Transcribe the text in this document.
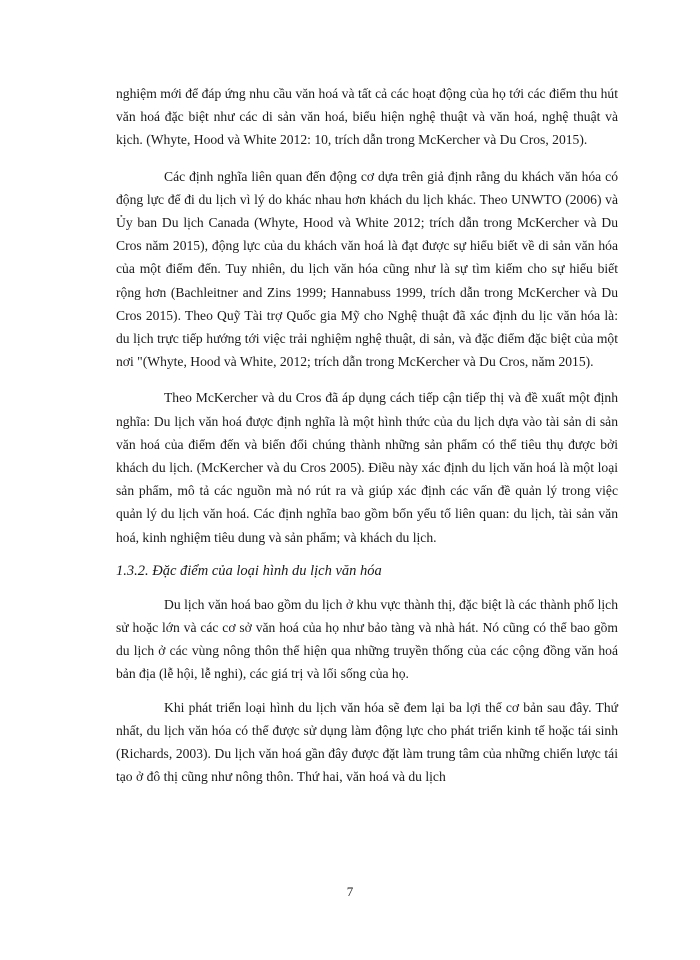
nghiệm mới để đáp ứng nhu cầu văn hoá và tất cả các hoạt động của họ tới các điểm thu hút văn hoá đặc biệt như các di sản văn hoá, biểu hiện nghệ thuật và văn hoá, nghệ thuật và kịch. (Whyte, Hood và White 2012: 10, trích dẫn trong McKercher và Du Cros, 2015).

Các định nghĩa liên quan đến động cơ dựa trên giả định rằng du khách văn hóa có động lực để đi du lịch vì lý do khác nhau hơn khách du lịch khác. Theo UNWTO (2006) và Ủy ban Du lịch Canada (Whyte, Hood và White 2012; trích dẫn trong McKercher và Du Cros năm 2015), động lực của du khách văn hoá là đạt được sự hiểu biết về di sản văn hóa của một điểm đến. Tuy nhiên, du lịch văn hóa cũng như là sự tìm kiếm cho sự hiểu biết rộng hơn (Bachleitner and Zins 1999; Hannabuss 1999, trích dẫn trong McKercher và Du Cros 2015). Theo Quỹ Tài trợ Quốc gia Mỹ cho Nghệ thuật đã xác định du lịc văn hóa là: du lịch trực tiếp hướng tới việc trải nghiệm nghệ thuật, di sản, và đặc điểm đặc biệt của một nơi "(Whyte, Hood và White, 2012; trích dẫn trong McKercher và Du Cros, năm 2015).

Theo McKercher và du Cros đã áp dụng cách tiếp cận tiếp thị và đề xuất một định nghĩa: Du lịch văn hoá được định nghĩa là một hình thức của du lịch dựa vào tài sản di sản văn hoá của điểm đến và biến đổi chúng thành những sản phẩm có thể tiêu thụ được bởi khách du lịch. (McKercher và du Cros 2005). Điều này xác định du lịch văn hoá là một loại sản phẩm, mô tả các nguồn mà nó rút ra và giúp xác định các vấn đề quản lý trong việc quản lý du lịch văn hoá. Các định nghĩa bao gồm bốn yếu tố liên quan: du lịch, tài sản văn hoá, kinh nghiệm tiêu dung và sản phẩm; và khách du lịch.

1.3.2. Đặc điểm của loại hình du lịch văn hóa

Du lịch văn hoá bao gồm du lịch ở khu vực thành thị, đặc biệt là các thành phố lịch sử hoặc lớn và các cơ sở văn hoá của họ như bảo tàng và nhà hát. Nó cũng có thể bao gồm du lịch ở các vùng nông thôn thể hiện qua những truyền thống của các cộng đồng văn hoá bản địa (lễ hội, lễ nghi), các giá trị và lối sống của họ.

Khi phát triển loại hình du lịch văn hóa sẽ đem lại ba lợi thế cơ bản sau đây. Thứ nhất, du lịch văn hóa có thể được sử dụng làm động lực cho phát triển kinh tế hoặc tái sinh (Richards, 2003). Du lịch văn hoá gần đây được đặt làm trung tâm của những chiến lược tái tạo ở đô thị cũng như nông thôn. Thứ hai, văn hoá và du lịch

7
